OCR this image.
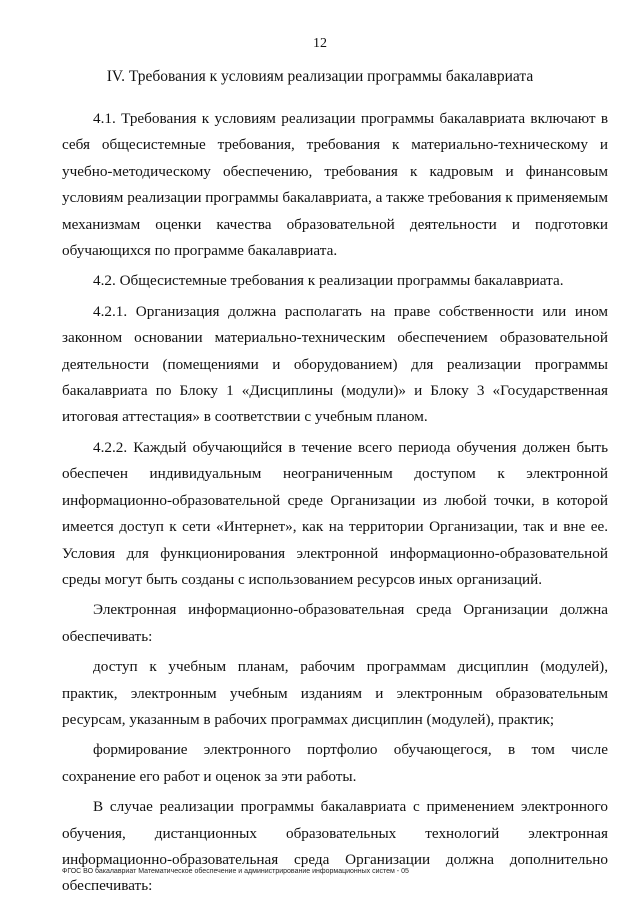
12
IV. Требования к условиям реализации программы бакалавриата

4.1. Требования к условиям реализации программы бакалавриата включают в себя общесистемные требования, требования к материально-техническому и учебно-методическому обеспечению, требования к кадровым и финансовым условиям реализации программы бакалавриата, а также требования к применяемым механизмам оценки качества образовательной деятельности и подготовки обучающихся по программе бакалавриата.

4.2. Общесистемные требования к реализации программы бакалавриата.

4.2.1. Организация должна располагать на праве собственности или ином законном основании материально-техническим обеспечением образовательной деятельности (помещениями и оборудованием) для реализации программы бакалавриата по Блоку 1 «Дисциплины (модули)» и Блоку 3 «Государственная итоговая аттестация» в соответствии с учебным планом.

4.2.2. Каждый обучающийся в течение всего периода обучения должен быть обеспечен индивидуальным неограниченным доступом к электронной информационно-образовательной среде Организации из любой точки, в которой имеется доступ к сети «Интернет», как на территории Организации, так и вне ее. Условия для функционирования электронной информационно-образовательной среды могут быть созданы с использованием ресурсов иных организаций.

Электронная информационно-образовательная среда Организации должна обеспечивать:

доступ к учебным планам, рабочим программам дисциплин (модулей), практик, электронным учебным изданиям и электронным образовательным ресурсам, указанным в рабочих программах дисциплин (модулей), практик;

формирование электронного портфолио обучающегося, в том числе сохранение его работ и оценок за эти работы.

В случае реализации программы бакалавриата с применением электронного обучения, дистанционных образовательных технологий электронная информационно-образовательная среда Организации должна дополнительно обеспечивать:

ФГОС ВО бакалавриат Математическое обеспечение и администрирование информационных систем - 05
